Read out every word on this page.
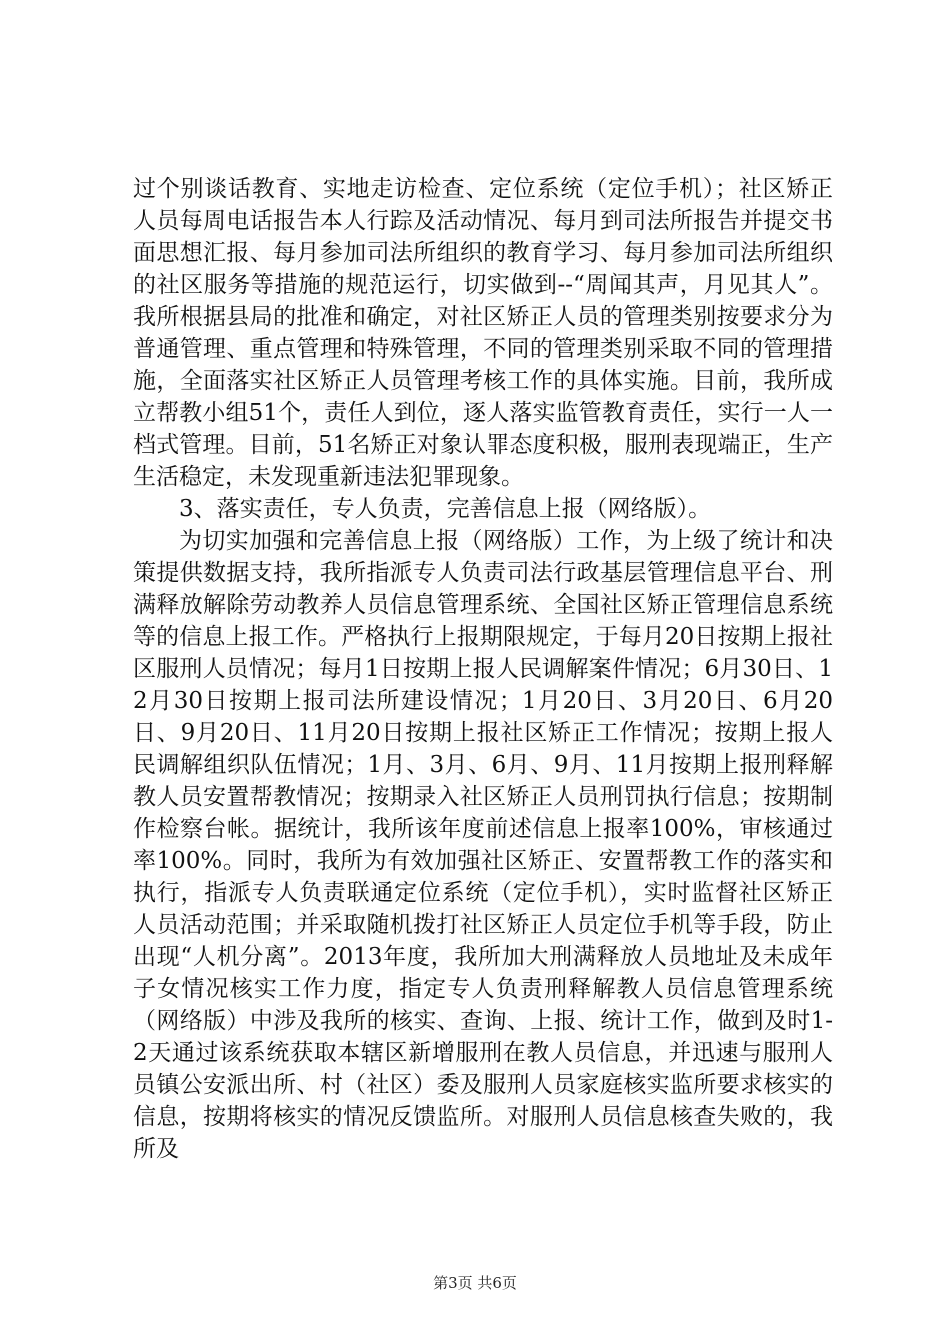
过个别谈话教育、实地走访检查、定位系统（定位手机）；社区矫正人员每周电话报告本人行踪及活动情况、每月到司法所报告并提交书面思想汇报、每月参加司法所组织的教育学习、每月参加司法所组织的社区服务等措施的规范运行，切实做到--“周闻其声，月见其人”。我所根据县局的批准和确定，对社区矫正人员的管理类别按要求分为普通管理、重点管理和特殊管理，不同的管理类别采取不同的管理措施，全面落实社区矫正人员管理考核工作的具体实施。目前，我所成立帮教小组51个，责任人到位，逐人落实监管教育责任，实行一人一档式管理。目前，51名矫正对象认罪态度积极，服刑表现端正，生产生活稳定，未发现重新违法犯罪现象。

3、落实责任，专人负责，完善信息上报（网络版）。

为切实加强和完善信息上报（网络版）工作，为上级了统计和决策提供数据支持，我所指派专人负责司法行政基层管理信息平台、刑满释放解除劳动教养人员信息管理系统、全国社区矫正管理信息系统等的信息上报工作。严格执行上报期限规定，于每月20日按期上报社区服刑人员情况；每月1日按期上报人民调解案件情况；6月30日、12月30日按期上报司法所建设情况；1月20日、3月20日、6月20日、9月20日、11月20日按期上报社区矫正工作情况；按期上报人民调解组织队伍情况；1月、3月、6月、9月、11月按期上报刑释解教人员安置帮教情况；按期录入社区矫正人员刑罚执行信息；按期制作检察台帐。据统计，我所该年度前述信息上报率100%，审核通过率100%。同时，我所为有效加强社区矫正、安置帮教工作的落实和执行，指派专人负责联通定位系统（定位手机），实时监督社区矫正人员活动范围；并采取随机拨打社区矫正人员定位手机等手段，防止出现“人机分离”。2013年度，我所加大刑满释放人员地址及未成年子女情况核实工作力度，指定专人负责刑释解教人员信息管理系统（网络版）中涉及我所的核实、查询、上报、统计工作，做到及时1-2天通过该系统获取本辖区新增服刑在教人员信息，并迅速与服刑人员镇公安派出所、村（社区）委及服刑人员家庭核实监所要求核实的信息，按期将核实的情况反馈监所。对服刑人员信息核查失败的，我所及

第3页 共6页
